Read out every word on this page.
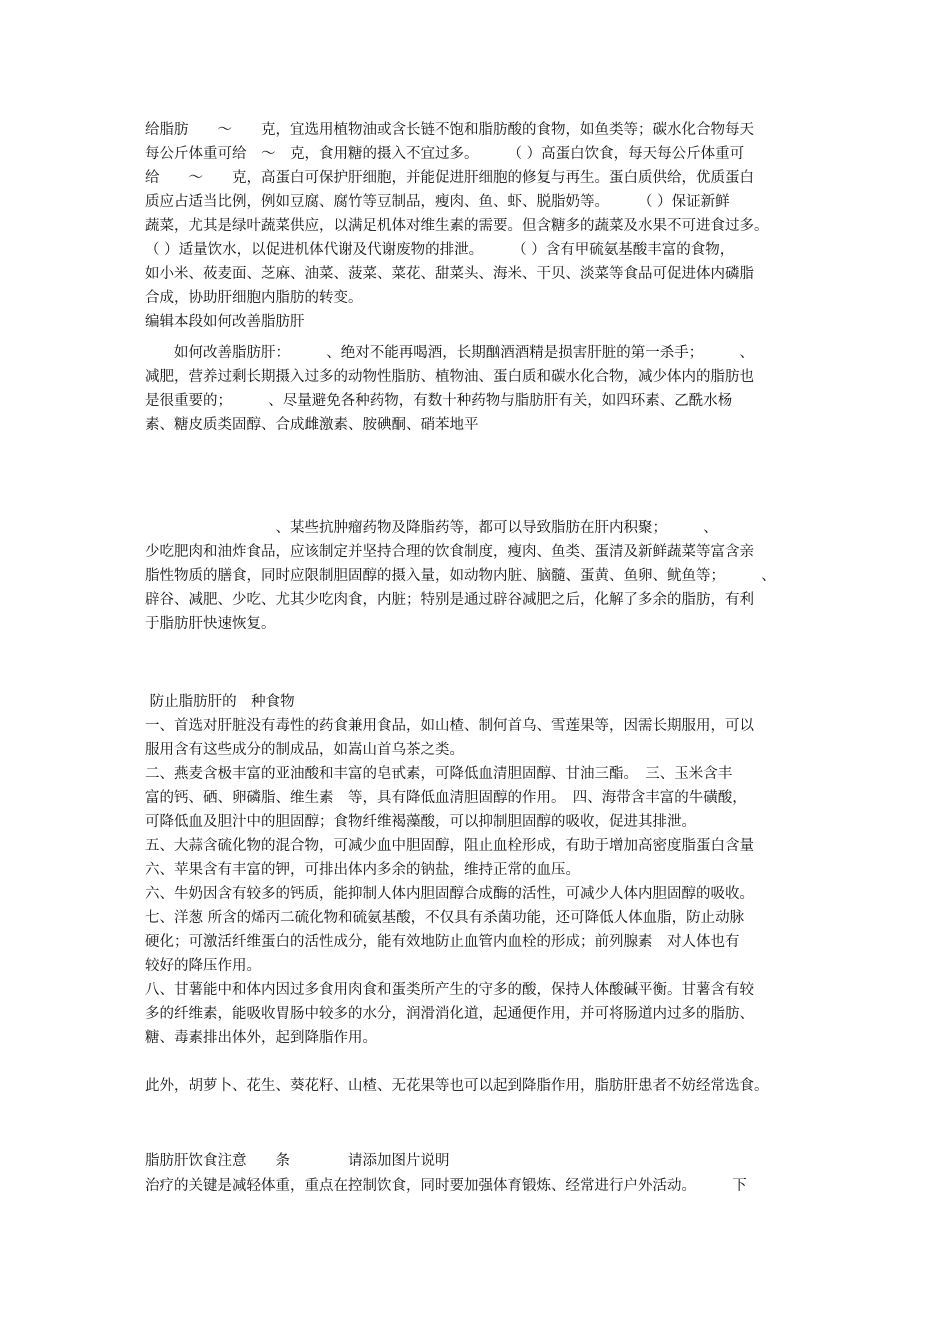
给脂肪　　～　　克，宜选用植物油或含长链不饱和脂肪酸的食物，如鱼类等；碳水化合物每天
每公斤体重可给　～　克，食用糖的摄入不宜过多。　　　（ ）高蛋白饮食，每天每公斤体重可
给　　～　　克，高蛋白可保护肝细胞，并能促进肝细胞的修复与再生。蛋白质供给，优质蛋白
质应占适当比例，例如豆腐、腐竹等豆制品，瘦肉、鱼、虾、脱脂奶等。　　　（ ）保证新鲜
蔬菜，尤其是绿叶蔬菜供应，以满足机体对维生素的需要。但含糖多的蔬菜及水果不可进食过多。
（ ）适量饮水，以促进机体代谢及代谢废物的排泄。　　　（ ）含有甲硫氨基酸丰富的食物，
如小米、莜麦面、芝麻、油菜、菠菜、菜花、甜菜头、海米、干贝、淡菜等食品可促进体内磷脂
合成，协助肝细胞内脂肪的转变。
编辑本段如何改善脂肪肝
　　如何改善脂肪肝：　　　、绝对不能再喝酒，长期酗酒酒精是损害肝脏的第一杀手；　　　、
减肥，营养过剩长期摄入过多的动物性脂肪、植物油、蛋白质和碳水化合物，减少体内的脂肪也
是很重要的；　　　、尽量避免各种药物，有数十种药物与脂肪肝有关，如四环素、乙酰水杨
素、糖皮质类固醇、合成雌激素、胺碘酮、硝苯地平
　　　　　　　　　、某些抗肿瘤药物及降脂药等，都可以导致脂肪在肝内积聚；　　　、
少吃肥肉和油炸食品，应该制定并坚持合理的饮食制度，瘦肉、鱼类、蛋清及新鲜蔬菜等富含亲
脂性物质的膳食，同时应限制胆固醇的摄入量，如动物内脏、脑髓、蛋黄、鱼卵、鱿鱼等；　　　、
辟谷、减肥、少吃、尤其少吃肉食，内脏；特别是通过辟谷减肥之后，化解了多余的脂肪，有利
于脂肪肝快速恢复。
防止脂肪肝的　种食物
一、首选对肝脏没有毒性的药食兼用食品，如山楂、制何首乌、雪莲果等，因需长期服用，可以
服用含有这些成分的制成品，如嵩山首乌茶之类。
二、燕麦含极丰富的亚油酸和丰富的皂甙素，可降低血清胆固醇、甘油三酯。　三、玉米含丰
富的钙、硒、卵磷脂、维生素　等，具有降低血清胆固醇的作用。　四、海带含丰富的牛磺酸，
可降低血及胆汁中的胆固醇；食物纤维褐藻酸，可以抑制胆固醇的吸收，促进其排泄。
五、大蒜含硫化物的混合物，可减少血中胆固醇，阻止血栓形成，有助于增加高密度脂蛋白含量
六、苹果含有丰富的钾，可排出体内多余的钠盐，维持正常的血压。
六、牛奶因含有较多的钙质，能抑制人体内胆固醇合成酶的活性，可减少人体内胆固醇的吸收。
七、洋葱 所含的烯丙二硫化物和硫氨基酸，不仅具有杀菌功能，还可降低人体血脂，防止动脉
硬化；可激活纤维蛋白的活性成分，能有效地防止血管内血栓的形成；前列腺素　对人体也有
较好的降压作用。
八、甘薯能中和体内因过多食用肉食和蛋类所产生的守多的酸，保持人体酸碱平衡。甘薯含有较
多的纤维素，能吸收胃肠中较多的水分，润滑消化道，起通便作用，并可将肠道内过多的脂肪、
糖、毒素排出体外，起到降脂作用。
此外，胡萝卜、花生、葵花籽、山楂、无花果等也可以起到降脂作用，脂肪肝患者不妨经常选食。
脂肪肝饮食注意　　条　　　　请添加图片说明
治疗的关键是减轻体重，重点在控制饮食，同时要加强体育锻炼、经常进行户外活动。　　　下
